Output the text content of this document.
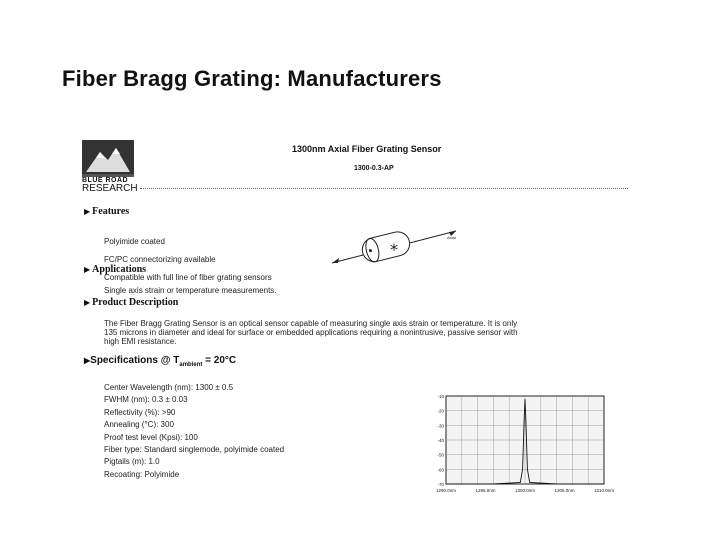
Fiber Bragg Grating: Manufacturers
BLUE ROAD
RESEARCH
1300nm Axial Fiber Grating Sensor
1300-0.3-AP
▶ Features

Polyimide coated

FC/PC connectorizing available

Compatible with full line of fiber grating sensors

*
Axial
▶ Applications
Single axis strain or temperature measurements.
▶ Product Description
The Fiber Bragg Grating Sensor is an optical sensor capable of measuring single axis strain or temperature. It is only
135 microns in diameter and ideal for surface or embedded applications requiring a nonintrusive, passive sensor with
high EMI resistance.
▶Specifications @ $T_{ambient} = 20^\circ C$
Center Wavelength (nm): 1300 ± 0.5
FWHM (nm): 0.3 ± 0.03
Reflectivity (%): >90
Annealing (°C): 300
Proof test level (Kpsi): 100
Fiber type: Standard singlemode, polyimide coated
Pigtails (m): 1.0
Recoating: Polyimide
-10
-20
-30
-40
-50
-60
-70
1290.0nm	1295.0nm	1300.0nm	1305.0nm	1310.0nm
